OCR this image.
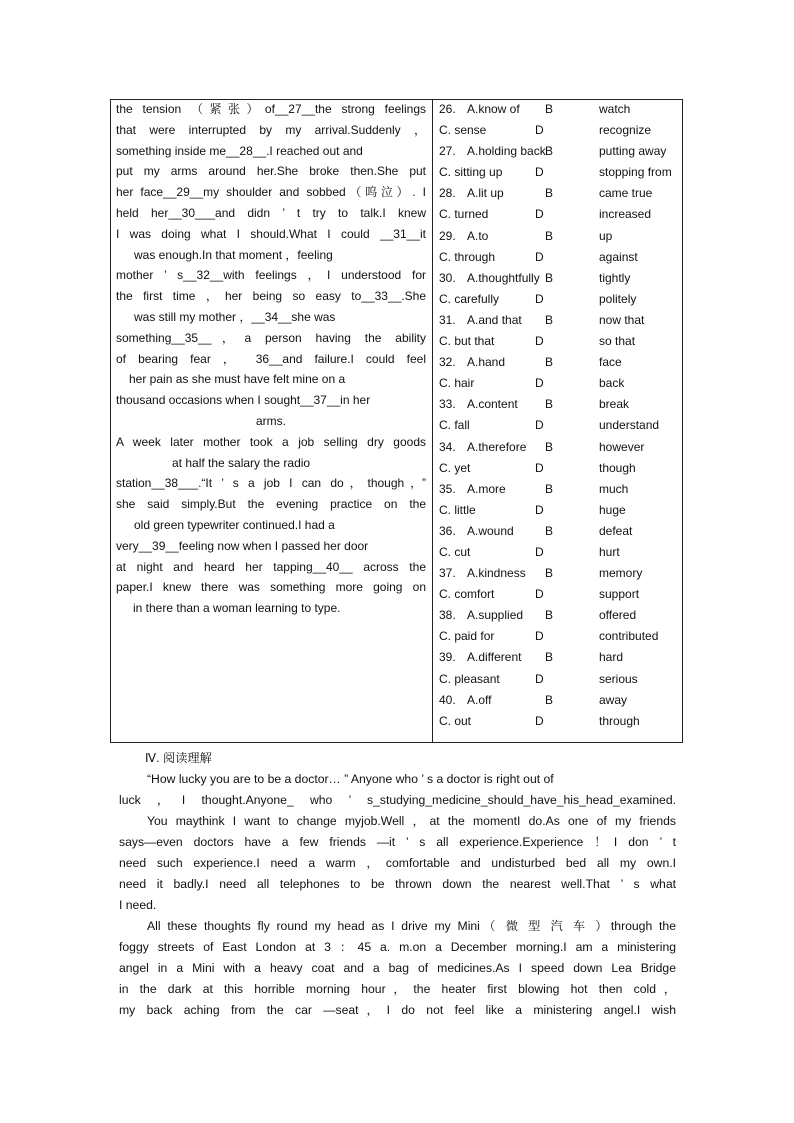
the tension （紧张）of__27__the strong feelings
that were interrupted by my arrival.Suddenly ，
something inside me__28__.I reached out and
put my arms around her.She broke then.She put
her face__29__my shoulder and sobbed（呜泣）. I
held her__30___and didn ’ t try to talk.I knew
I was doing what I should.What I could __31__it
was enough.In that moment ，feeling
mother ’ s__32__with feelings ，I understood for
the first time ，her being so easy to__33__.She
was still my mother ，__34__she was
something__35__，a person having the ability
of bearing fear ， 36__and failure.I could feel
her pain as she must have felt mine on a
thousand occasions when I sought__37__in her
arms.
A week later mother took a job selling dry goods
at half the salary the radio
station__38___.“It ’ s a job I can do，though，”
she said simply.But the evening practice on the
old green typewriter continued.I had a
very__39__feeling now when I passed her door
at night and heard her tapping__40__ across the
paper.I knew there was something more going on
in there than a woman learning to type.
26. A.know of B	watch
C. sense	D	recognize
27. A.holding backB	putting away
C. sitting up	D	stopping from
28. A.lit up	B	came true
C. turned	D	increased
29. A.to	B	up
C. through	D	against
30. A.thoughtfully B	tightly
C. carefully	D	politely
31. A.and that B	now that
C. but that	D	so that
32. A.hand	B	face
C. hair	D	back
33. A.content B	break
C. fall	D	understand
34. A.therefore B	however
C. yet	D	though
35. A.more	B	much
C. little	D	huge
36. A.wound	B	defeat
C. cut	D	hurt
37. A.kindness B	memory
C. comfort	D	support
38. A.supplied B	offered
C. paid for	D	contributed
39. A.different B	hard
C. pleasant	D	serious
40. A.off	B	away
C. out	D	through
Ⅳ. 阅读理解
“How lucky you are to be a doctor… ” Anyone who ’ s a doctor is right out of
luck ，I thought.Anyone_ who ’ s_studying_medicine_should_have_his_head_examined.
You maythink I want to change myjob.Well ，at the momentI do.As one of my friends
says—even doctors have a few friends —it ’ s all experience.Experience ！I don ’ t
need such experience.I need a warm ，comfortable and undisturbed bed all my own.I
need it badly.I need all telephones to be thrown down the nearest well.That ’ s what
I need.
All these thoughts fly round my head as I drive my Mini（ 微 型 汽 车 ）through the
foggy streets of East London at 3 ：45 a. m.on a December morning.I am a ministering
angel in a Mini with a heavy coat and a bag of medicines.As I speed down Lea Bridge
in the dark at this horrible morning hour，the heater first blowing hot then cold，
my back aching from the car —seat，I do not feel like a ministering angel.I wish
